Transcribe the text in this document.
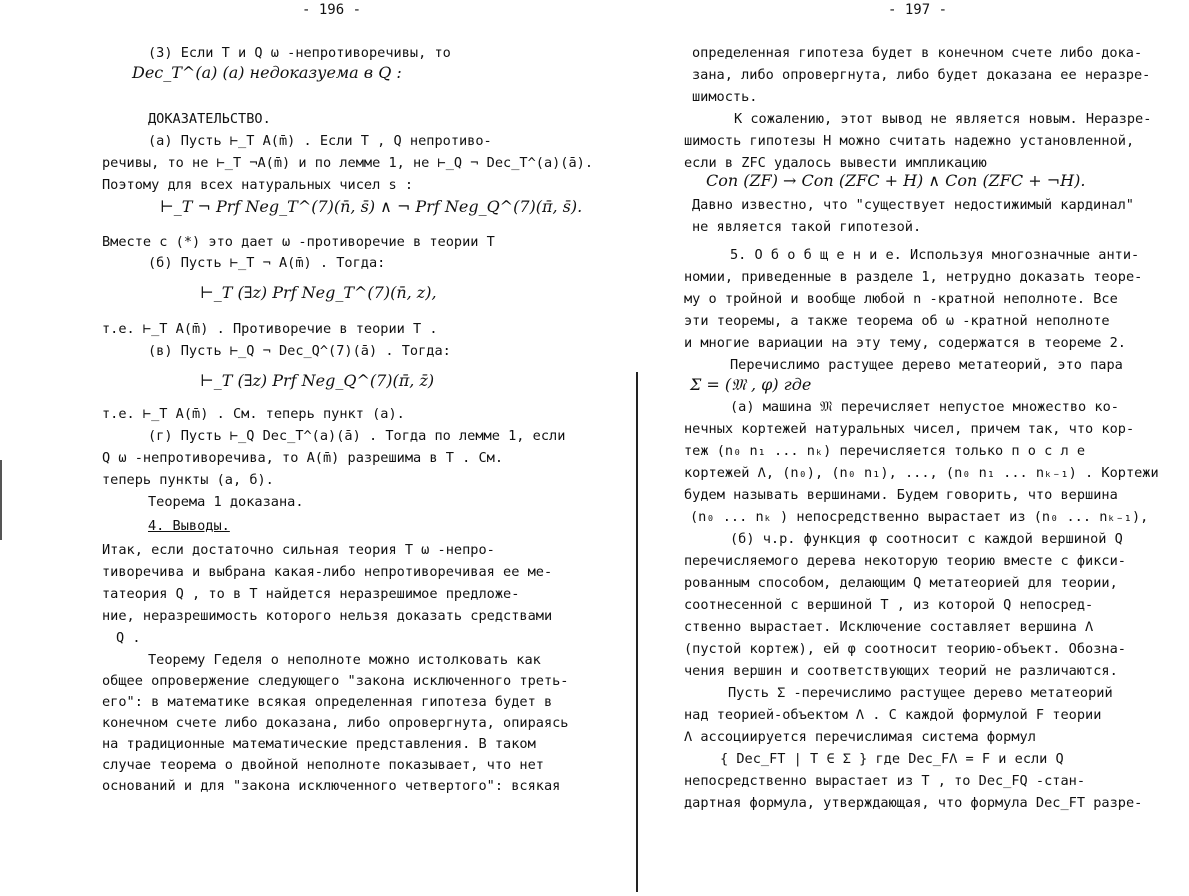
- 196 -
(3) Если T и Q ω -непротиворечивы, то
Dec_T^(a) (a) недоказуема в Q :
ДОКАЗАТЕЛЬСТВО.
(а) Пусть ⊢_T A(m̄) . Если T , Q непротиво-
речивы, то не ⊢_T ¬A(m̄) и по лемме 1, не ⊢_Q ¬ Dec_T^(a)(ā).
Поэтому для всех натуральных чисел s :
⊢_T ¬ Prf Neg_T^(7)(n̄, s̄) ∧ ¬ Prf Neg_Q^(7)(π̄, s̄).
Вместе с (*) это дает ω -противоречие в теории T
(б) Пусть ⊢_T ¬ A(m̄) . Тогда:
⊢_T (∃z) Prf Neg_T^(7)(n̄, z),
т.е. ⊢_T A(m̄) . Противоречие в теории T .
(в) Пусть ⊢_Q ¬ Dec_Q^(7)(ā) . Тогда:
⊢_T (∃z) Prf Neg_Q^(7)(π̄, z̄)
т.е. ⊢_T A(m̄) . См. теперь пункт (а).
(г) Пусть ⊢_Q Dec_T^(a)(ā) . Тогда по лемме 1, если
Q ω -непротиворечива, то A(m̄) разрешима в T . См.
теперь пункты (а, б).
Теорема 1 доказана.
4. Выводы.
Итак, если достаточно сильная теория T ω -непро-
тиворечива и выбрана какая-либо непротиворечивая ее ме-
татеория Q , то в T найдется неразрешимое предложе-
ние, неразрешимость которого нельзя доказать средствами
Q .
Теорему Геделя о неполноте можно истолковать как
общее опровержение следующего "закона исключенного треть-
его": в математике всякая определенная гипотеза будет в
конечном счете либо доказана, либо опровергнута, опираясь
на традиционные математические представления. В таком
случае теорема о двойной неполноте показывает, что нет
оснований и для "закона исключенного четвертого": всякая
- 197 -
определенная гипотеза будет в конечном счете либо дока-
зана, либо опровергнута, либо будет доказана ее неразре-
шимость.
К сожалению, этот вывод не является новым. Неразре-
шимость гипотезы H можно считать надежно установленной,
если в ZFC удалось вывести импликацию
Con (ZF) → Con (ZFC + H) ∧ Con (ZFC + ¬H).
Давно известно, что "существует недостижимый кардинал"
не является такой гипотезой.
5. О б о б щ е н и е. Используя многозначные анти-
номии, приведенные в разделе 1, нетрудно доказать теоре-
му о тройной и вообще любой n -кратной неполноте. Все
эти теоремы, а также теорема об ω -кратной неполноте
и многие вариации на эту тему, содержатся в теореме 2.
Перечислимо растущее дерево метатеорий, это пара
Σ = (𝔐 , φ) где
(а) машина 𝔐 перечисляет непустое множество ко-
нечных кортежей натуральных чисел, причем так, что кор-
теж (n₀ n₁ ... nₖ) перечисляется только п о с л е
кортежей Λ, (n₀), (n₀ n₁), ..., (n₀ n₁ ... nₖ₋₁) . Кортежи
будем называть вершинами. Будем говорить, что вершина
(n₀ ... nₖ ) непосредственно вырастает из (n₀ ... nₖ₋₁),
(б) ч.р. функция φ соотносит с каждой вершиной Q
перечисляемого дерева некоторую теорию вместе с фикси-
рованным способом, делающим Q метатеорией для теории,
соотнесенной с вершиной T , из которой Q непосред-
ственно вырастает. Исключение составляет вершина Λ
(пустой кортеж), ей φ соотносит теорию-объект. Обозна-
чения вершин и соответствующих теорий не различаются.
Пусть Σ -перечислимо растущее дерево метатеорий
над теорией-объектом Λ . С каждой формулой F теории
Λ ассоциируется перечислимая система формул
{ Dec_FT | T ∈ Σ } где Dec_FΛ = F и если Q
непосредственно вырастает из T , то Dec_FQ -стан-
дартная формула, утверждающая, что формула Dec_FT разре-
